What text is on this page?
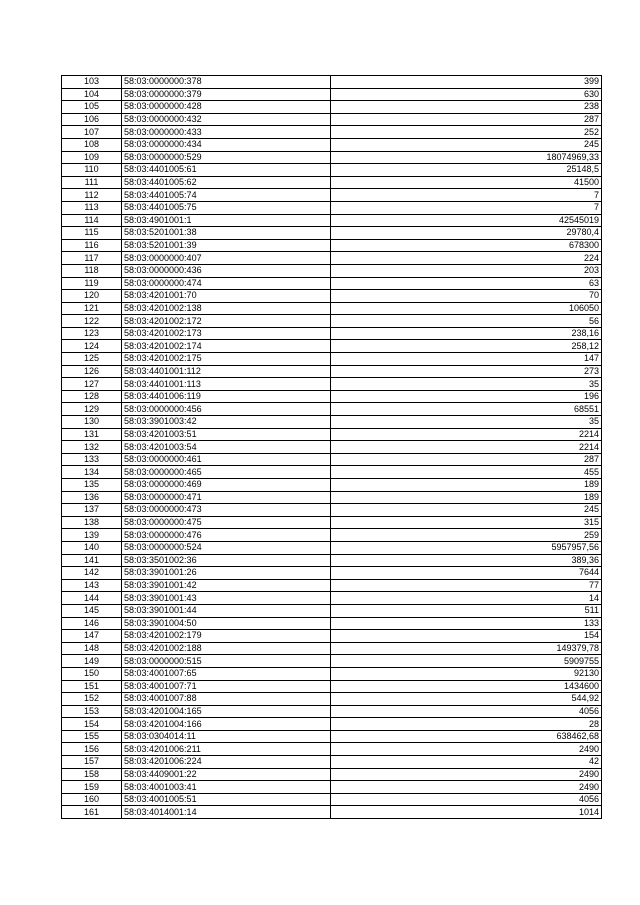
103	58:03:0000000:378	399
104	58:03:0000000:379	630
105	58:03:0000000:428	238
106	58:03:0000000:432	287
107	58:03:0000000:433	252
108	58:03:0000000:434	245
109	58:03:0000000:529	18074969,33
110	58:03:4401005:61	25148,5
111	58:03:4401005:62	41500
112	58:03:4401005:74	7
113	58:03:4401005:75	7
114	58:03:4901001:1	42545019
115	58:03:5201001:38	29780,4
116	58:03:5201001:39	678300
117	58:03:0000000:407	224
118	58:03:0000000:436	203
119	58:03:0000000:474	63
120	58:03:4201001:70	70
121	58:03:4201002:138	106050
122	58:03:4201002:172	56
123	58:03:4201002:173	238,16
124	58:03:4201002:174	258,12
125	58:03:4201002:175	147
126	58:03:4401001:112	273
127	58:03:4401001:113	35
128	58:03:4401006:119	196
129	58:03:0000000:456	68551
130	58:03:3901003:42	35
131	58:03:4201003:51	2214
132	58:03:4201003:54	2214
133	58:03:0000000:461	287
134	58:03:0000000:465	455
135	58:03:0000000:469	189
136	58:03:0000000:471	189
137	58:03:0000000:473	245
138	58:03:0000000:475	315
139	58:03:0000000:476	259
140	58:03:0000000:524	5957957,56
141	58:03:3501002:36	389,36
142	58:03:3901001:26	7644
143	58:03:3901001:42	77
144	58:03:3901001:43	14
145	58:03:3901001:44	511
146	58:03:3901004:50	133
147	58:03:4201002:179	154
148	58:03:4201002:188	149379,78
149	58:03:0000000:515	5909755
150	58:03:4001007:65	92130
151	58:03:4001007:71	1434600
152	58:03:4001007:88	544,92
153	58:03:4201004:165	4056
154	58:03:4201004:166	28
155	58:03:0304014:11	638462,68
156	58:03:4201006:211	2490
157	58:03:4201006:224	42
158	58:03:4409001:22	2490
159	58:03:4001003:41	2490
160	58:03:4001005:51	4056
161	58:03:4014001:14	1014
